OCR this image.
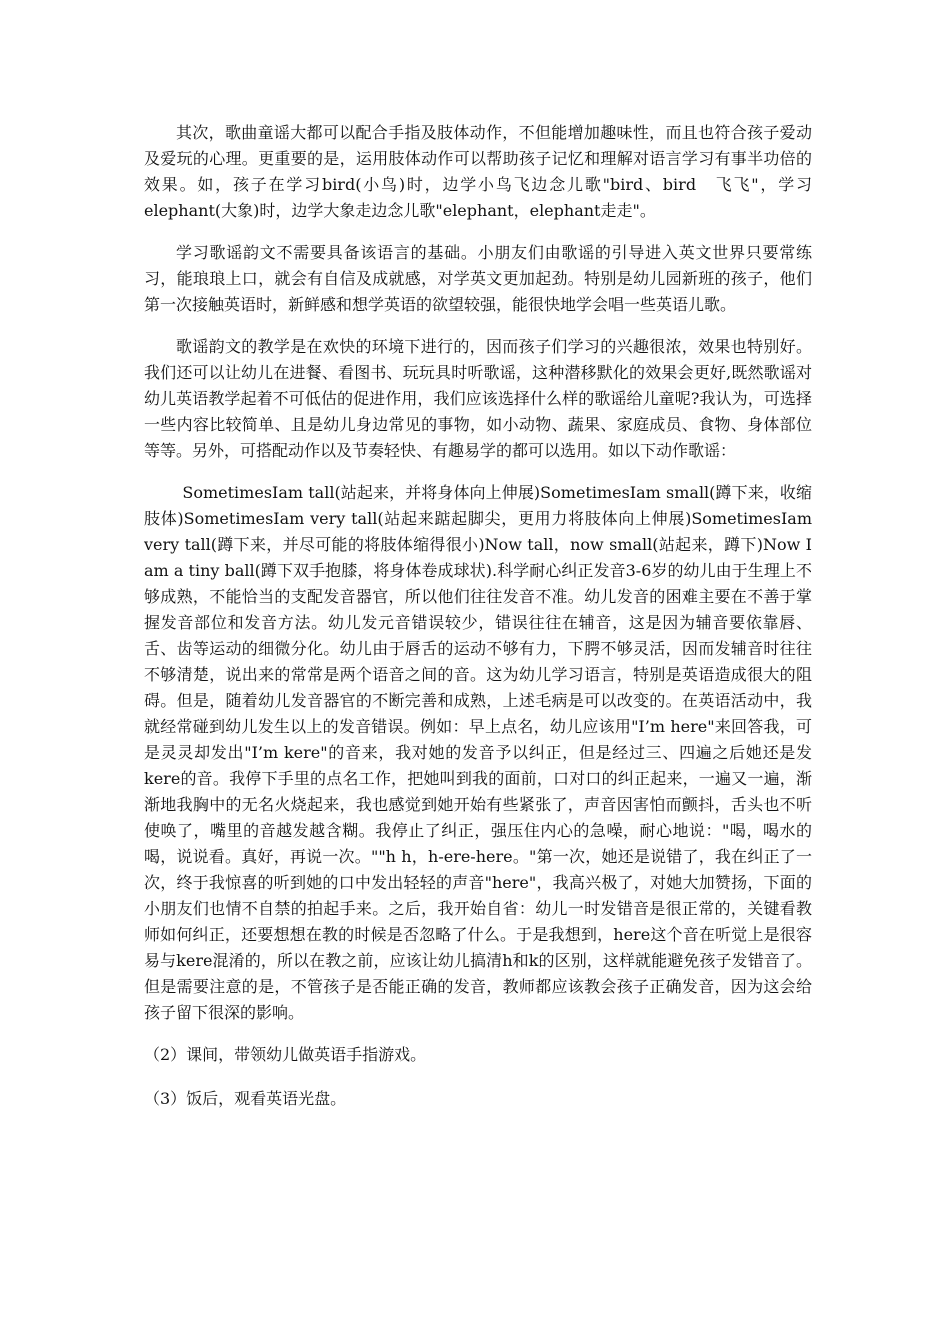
其次，歌曲童谣大都可以配合手指及肢体动作，不但能增加趣味性，而且也符合孩子爱动及爱玩的心理。更重要的是，运用肢体动作可以帮助孩子记忆和理解对语言学习有事半功倍的效果。如，孩子在学习bird(小鸟)时，边学小鸟飞边念儿歌"bird、bird　飞飞"，学习elephant(大象)时，边学大象走边念儿歌"elephant，elephant走走"。

学习歌谣韵文不需要具备该语言的基础。小朋友们由歌谣的引导进入英文世界只要常练习，能琅琅上口，就会有自信及成就感，对学英文更加起劲。特别是幼儿园新班的孩子，他们第一次接触英语时，新鲜感和想学英语的欲望较强，能很快地学会唱一些英语儿歌。

歌谣韵文的教学是在欢快的环境下进行的，因而孩子们学习的兴趣很浓，效果也特别好。我们还可以让幼儿在进餐、看图书、玩玩具时听歌谣，这种潜移默化的效果会更好,既然歌谣对幼儿英语教学起着不可低估的促进作用，我们应该选择什么样的歌谣给儿童呢?我认为，可选择一些内容比较简单、且是幼儿身边常见的事物，如小动物、蔬果、家庭成员、食物、身体部位等等。另外，可搭配动作以及节奏轻快、有趣易学的都可以选用。如以下动作歌谣：

SometimesIam tall(站起来，并将身体向上伸展)SometimesIam small(蹲下来，收缩肢体)SometimesIam very tall(站起来踮起脚尖，更用力将肢体向上伸展)SometimesIam very tall(蹲下来，并尽可能的将肢体缩得很小)Now tall，now small(站起来，蹲下)Now I am a tiny ball(蹲下双手抱膝，将身体卷成球状).科学耐心纠正发音3-6岁的幼儿由于生理上不够成熟，不能恰当的支配发音器官，所以他们往往发音不准。幼儿发音的困难主要在不善于掌握发音部位和发音方法。幼儿发元音错误较少，错误往往在辅音，这是因为辅音要依靠唇、舌、齿等运动的细微分化。幼儿由于唇舌的运动不够有力，下腭不够灵活，因而发辅音时往往不够清楚，说出来的常常是两个语音之间的音。这为幼儿学习语言，特别是英语造成很大的阻碍。但是，随着幼儿发音器官的不断完善和成熟，上述毛病是可以改变的。在英语活动中，我就经常碰到幼儿发生以上的发音错误。例如：早上点名，幼儿应该用"I’m here"来回答我，可是灵灵却发出"I’m kere"的音来，我对她的发音予以纠正，但是经过三、四遍之后她还是发kere的音。我停下手里的点名工作，把她叫到我的面前，口对口的纠正起来，一遍又一遍，渐渐地我胸中的无名火烧起来，我也感觉到她开始有些紧张了，声音因害怕而颤抖，舌头也不听使唤了，嘴里的音越发越含糊。我停止了纠正，强压住内心的急噪，耐心地说："喝，喝水的喝，说说看。真好，再说一次。""h h，h-ere-here。"第一次，她还是说错了，我在纠正了一次，终于我惊喜的听到她的口中发出轻轻的声音"here"，我高兴极了，对她大加赞扬，下面的小朋友们也情不自禁的拍起手来。之后，我开始自省：幼儿一时发错音是很正常的，关键看教师如何纠正，还要想想在教的时候是否忽略了什么。于是我想到，here这个音在听觉上是很容易与kere混淆的，所以在教之前，应该让幼儿搞清h和k的区别，这样就能避免孩子发错音了。但是需要注意的是，不管孩子是否能正确的发音，教师都应该教会孩子正确发音，因为这会给孩子留下很深的影响。

（2）课间，带领幼儿做英语手指游戏。

（3）饭后，观看英语光盘。
